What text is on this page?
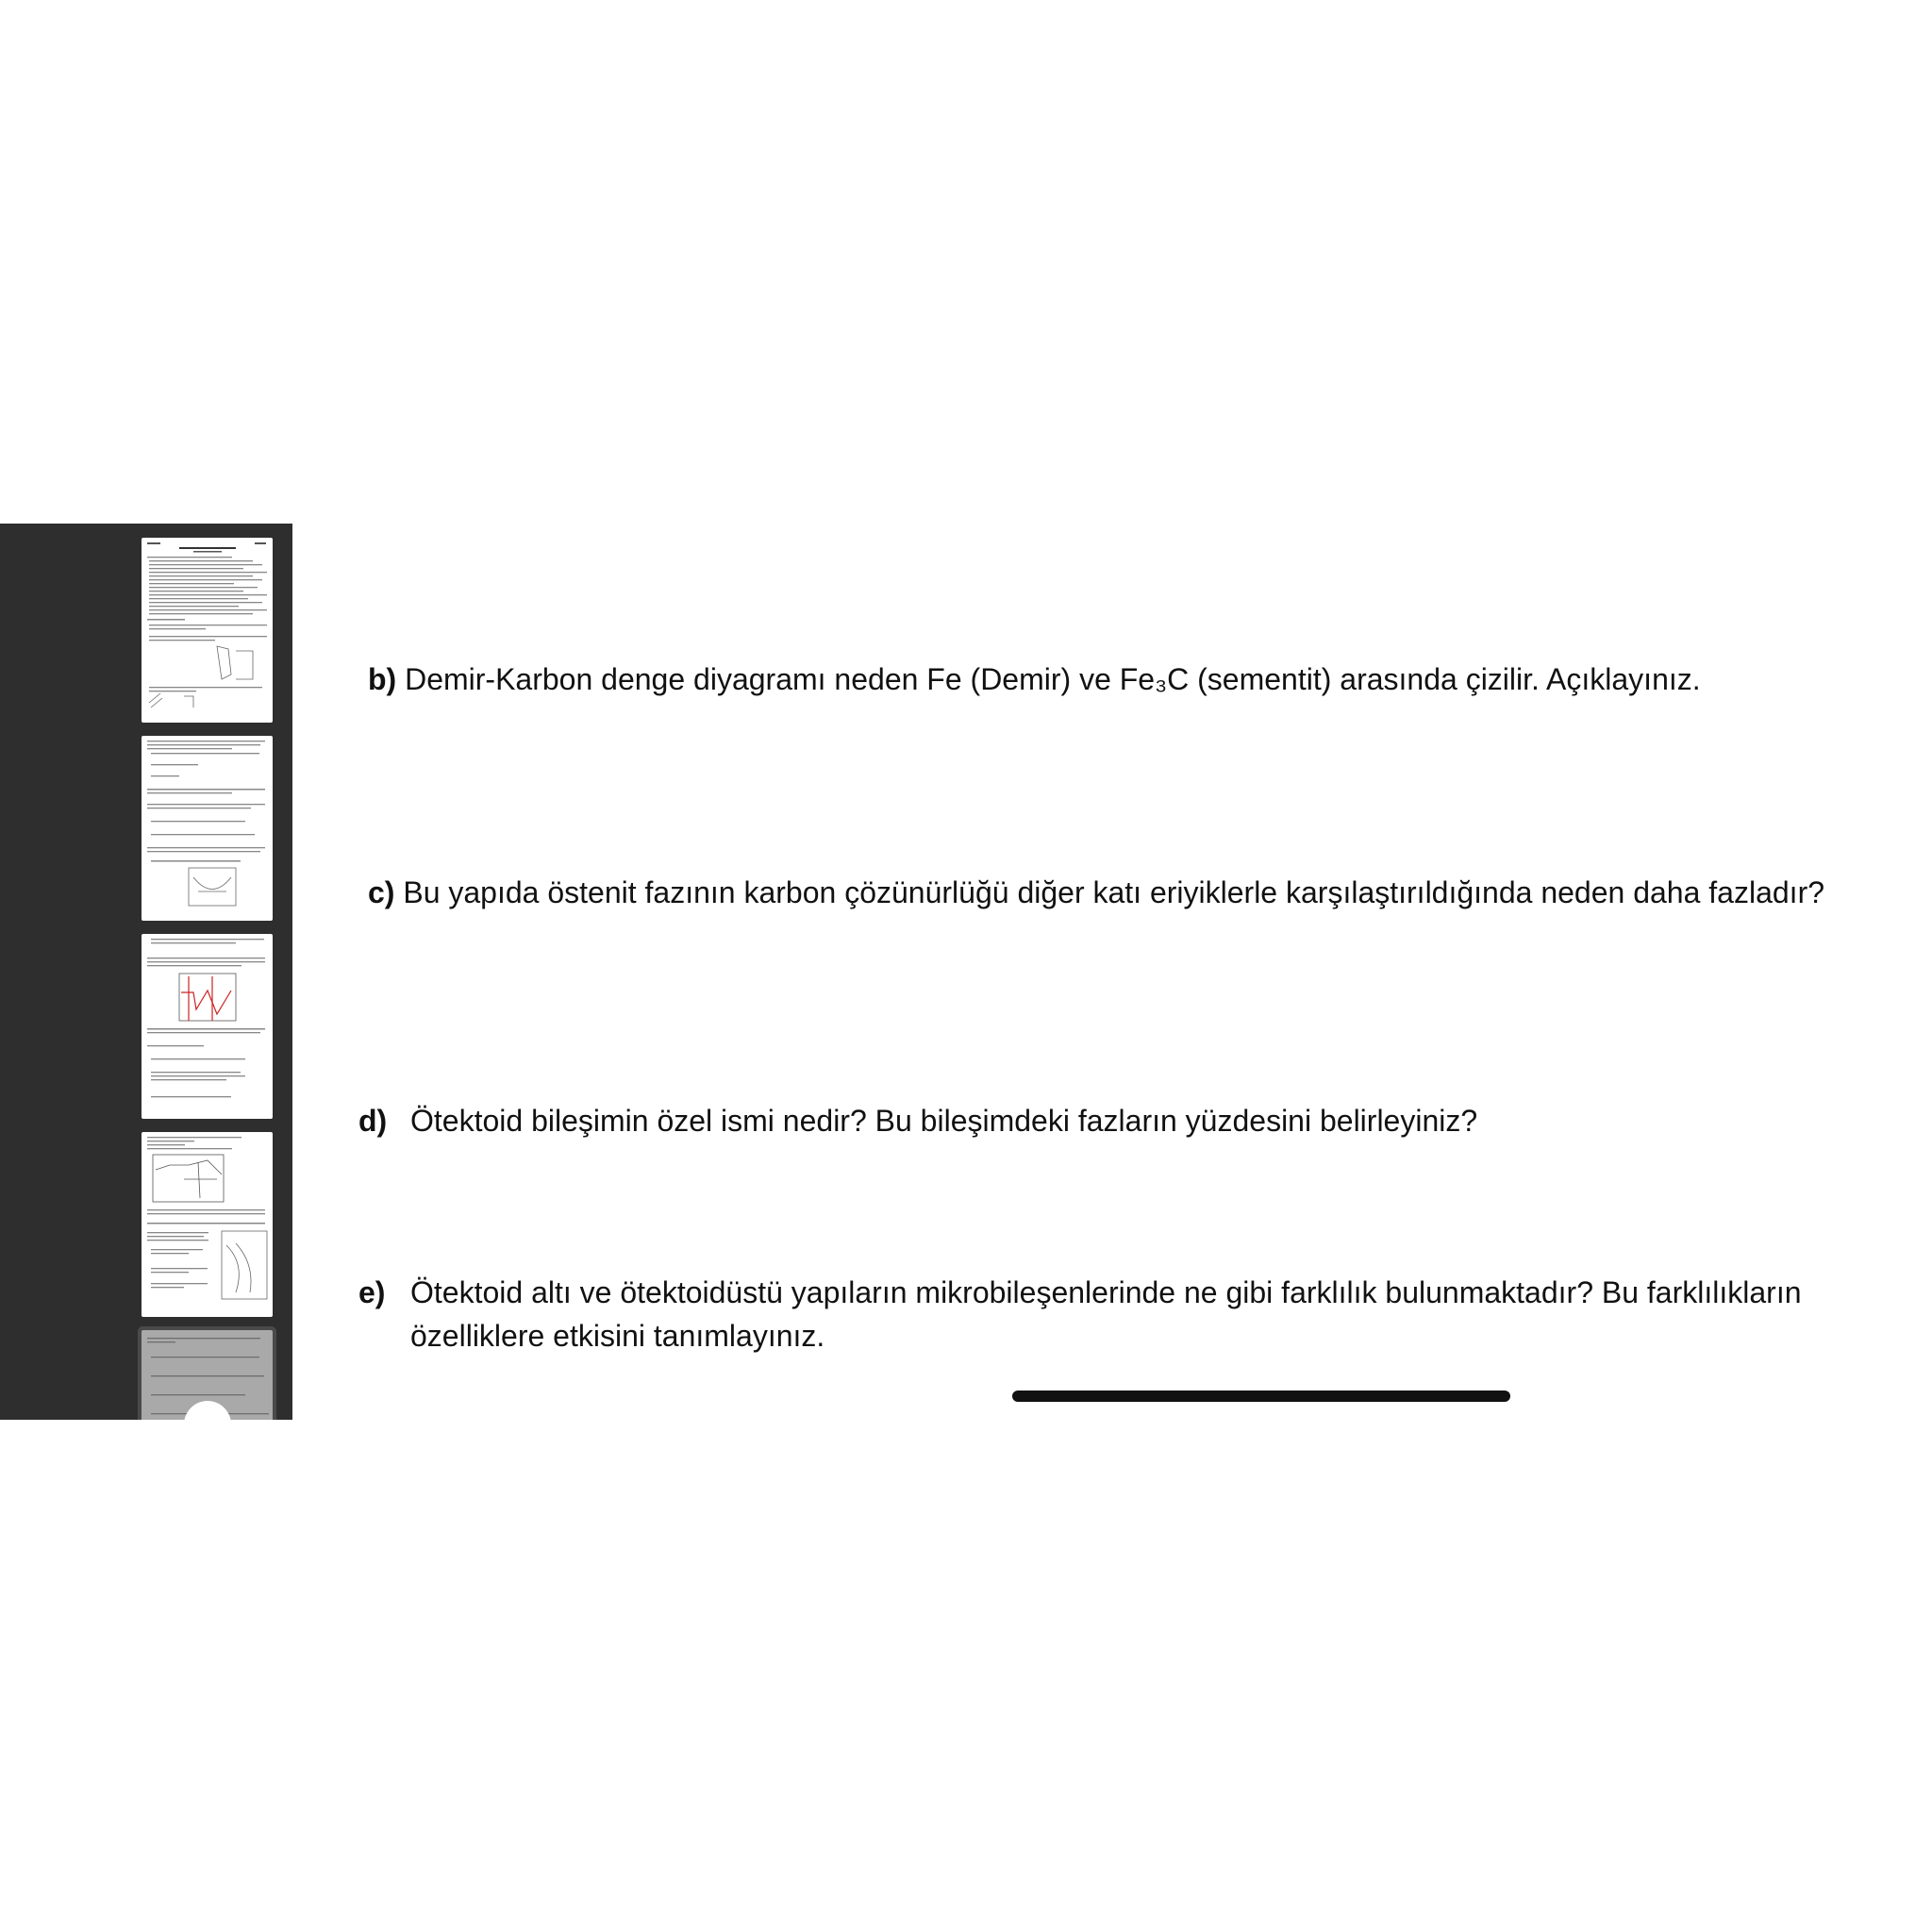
b) Demir-Karbon denge diyagramı neden Fe (Demir) ve Fe₃C (sementit) arasında çizilir. Açıklayınız.
c) Bu yapıda östenit fazının karbon çözünürlüğü diğer katı eriyiklerle karşılaştırıldığında neden daha fazladır?
d) Ötektoid bileşimin özel ismi nedir? Bu bileşimdeki fazların yüzdesini belirleyiniz?
e) Ötektoid altı ve ötektoidüstü yapıların mikrobileşenlerinde ne gibi farklılık bulunmaktadır? Bu farklılıkların
özelliklere etkisini tanımlayınız.
